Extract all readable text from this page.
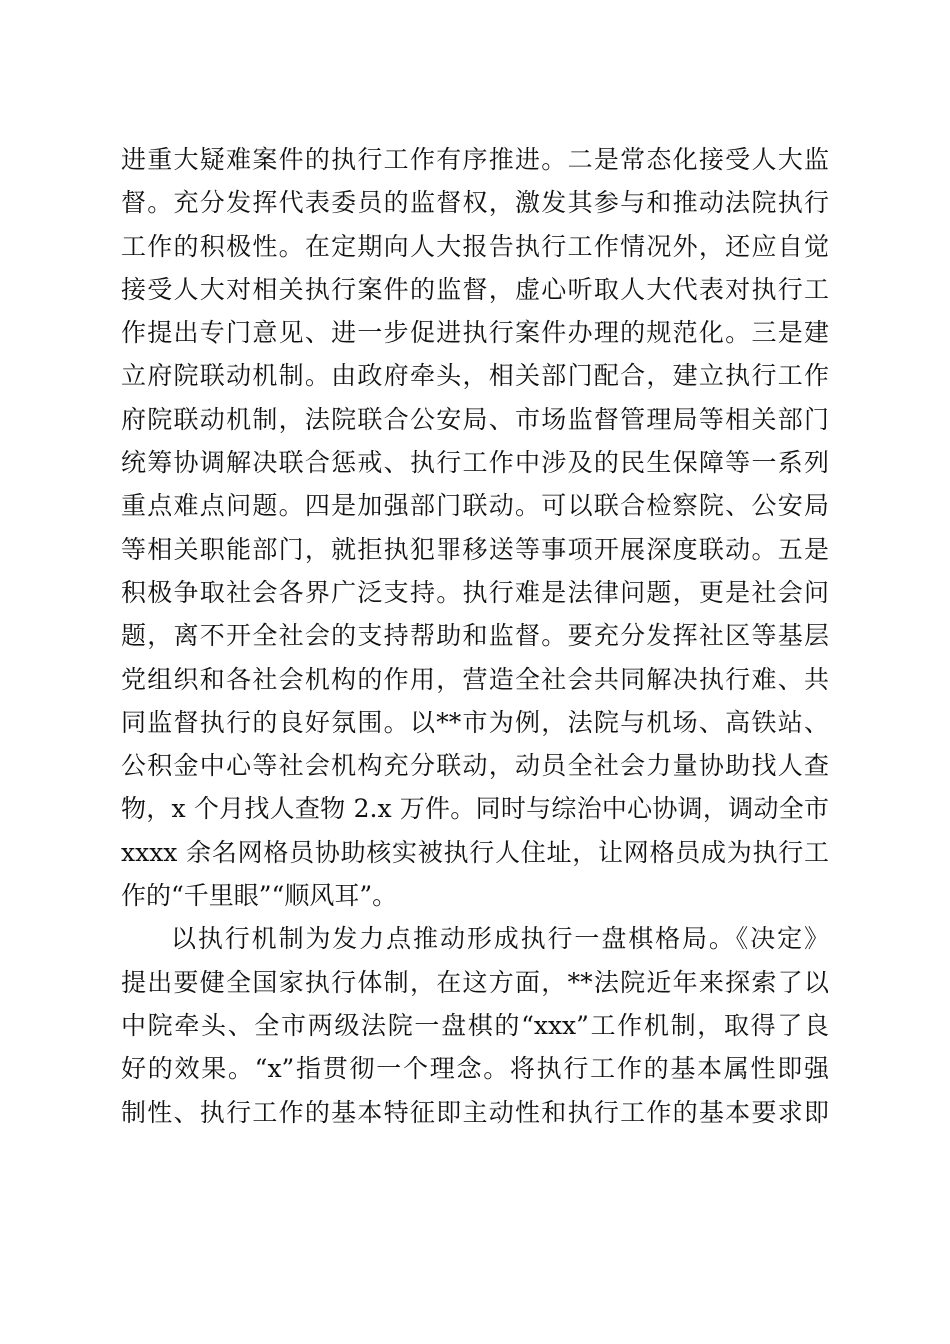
进重大疑难案件的执行工作有序推进。二是常态化接受人大监
督。充分发挥代表委员的监督权，激发其参与和推动法院执行
工作的积极性。在定期向人大报告执行工作情况外，还应自觉
接受人大对相关执行案件的监督，虚心听取人大代表对执行工
作提出专门意见、进一步促进执行案件办理的规范化。三是建
立府院联动机制。由政府牵头，相关部门配合，建立执行工作
府院联动机制，法院联合公安局、市场监督管理局等相关部门
统筹协调解决联合惩戒、执行工作中涉及的民生保障等一系列
重点难点问题。四是加强部门联动。可以联合检察院、公安局
等相关职能部门，就拒执犯罪移送等事项开展深度联动。五是
积极争取社会各界广泛支持。执行难是法律问题，更是社会问
题，离不开全社会的支持帮助和监督。要充分发挥社区等基层
党组织和各社会机构的作用，营造全社会共同解决执行难、共
同监督执行的良好氛围。以**市为例，法院与机场、高铁站、
公积金中心等社会机构充分联动，动员全社会力量协助找人查
物，x 个月找人查物 2.x 万件。同时与综治中心协调，调动全市
xxxx 余名网格员协助核实被执行人住址，让网格员成为执行工
作的“千里眼”“顺风耳”。
以执行机制为发力点推动形成执行一盘棋格局。《决定》
提出要健全国家执行体制，在这方面，**法院近年来探索了以
中院牵头、全市两级法院一盘棋的“xxx”工作机制，取得了良
好的效果。“x”指贯彻一个理念。将执行工作的基本属性即强
制性、执行工作的基本特征即主动性和执行工作的基本要求即
